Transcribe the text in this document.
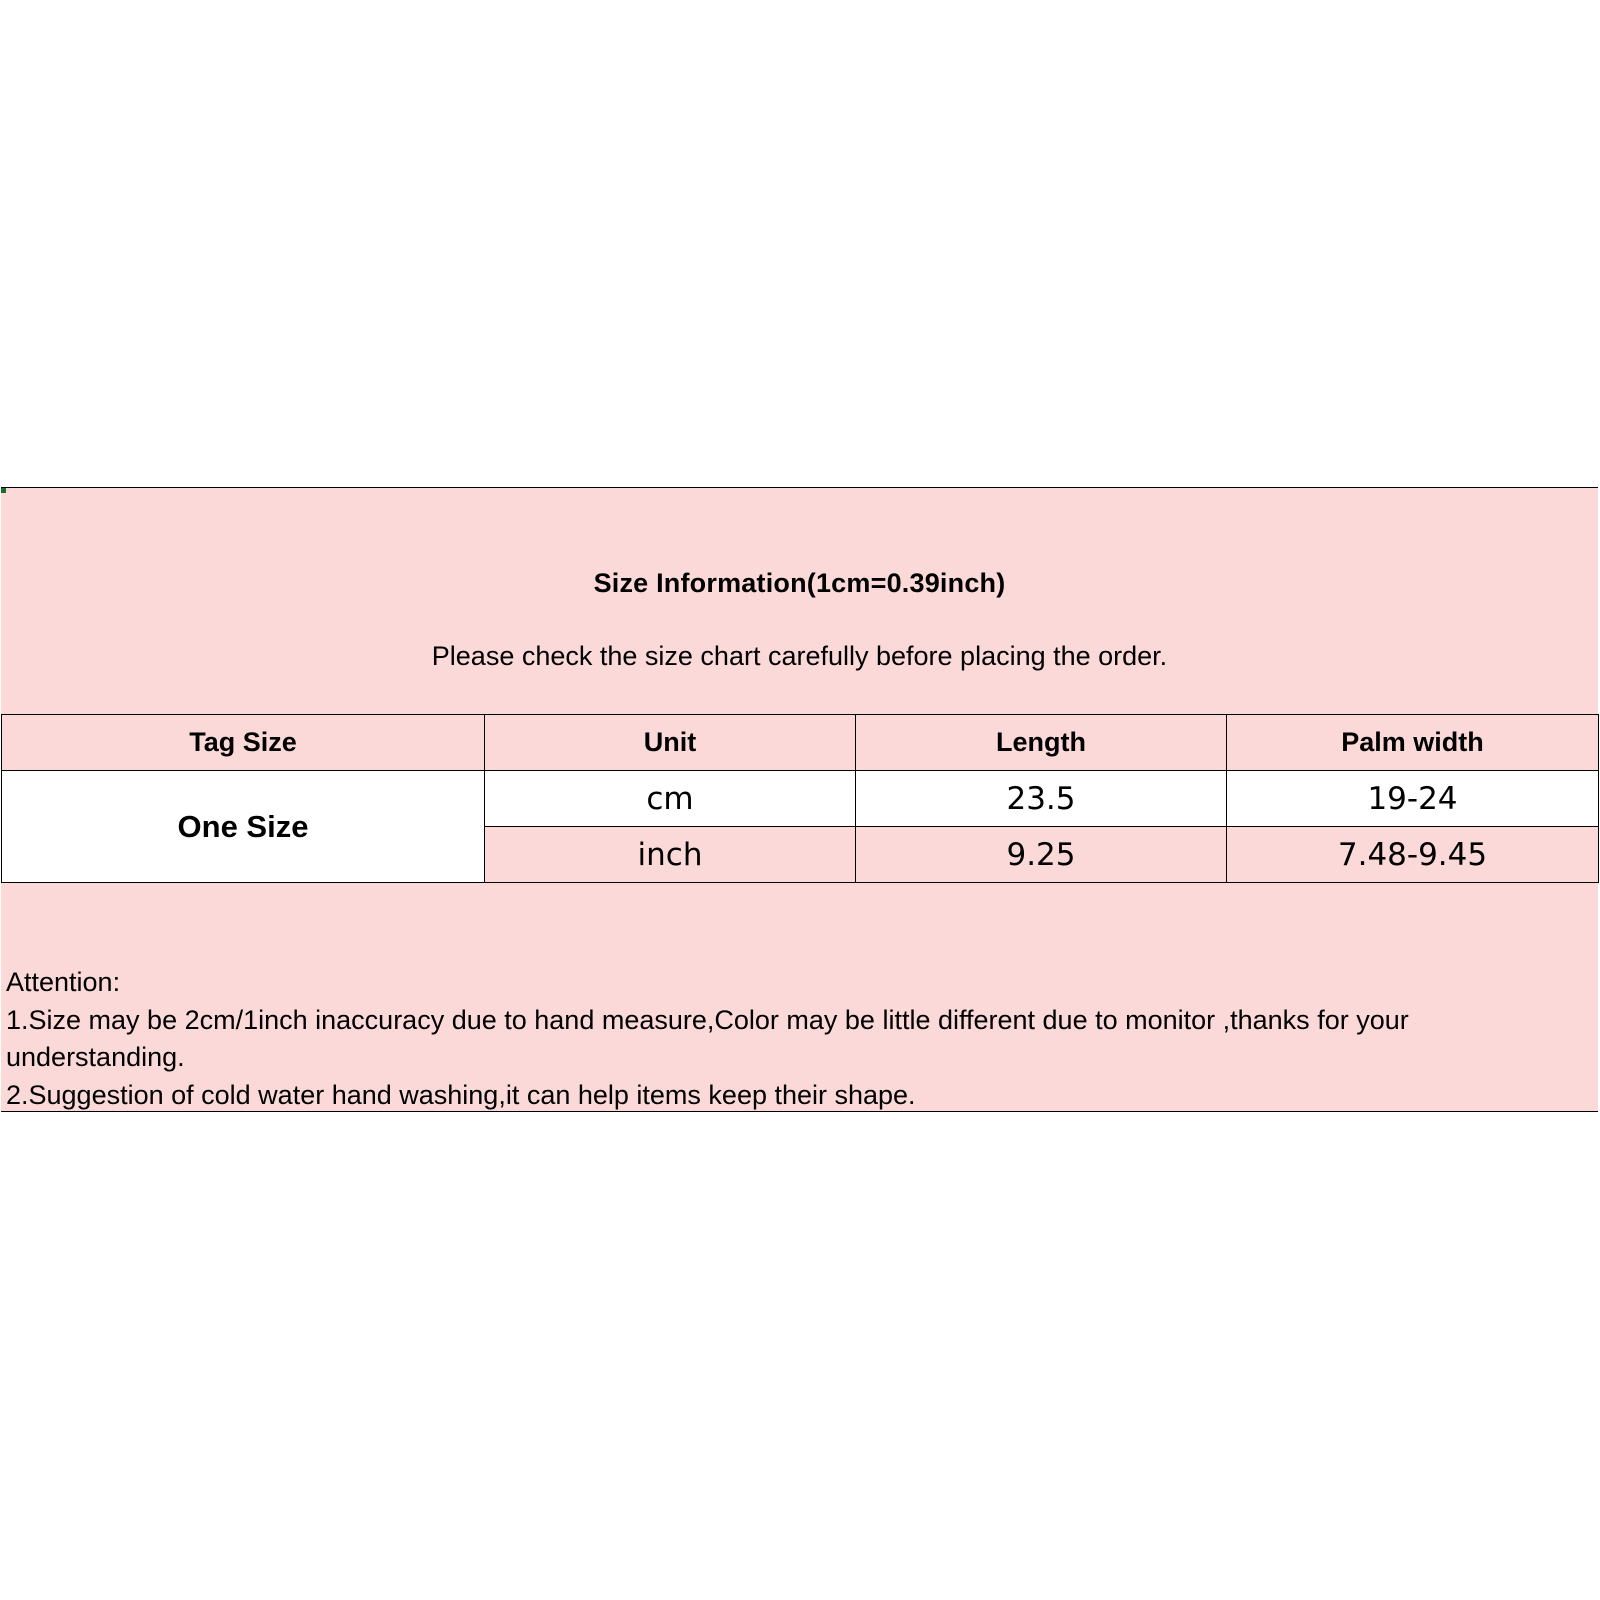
Size Information(1cm=0.39inch)
Please check the size chart carefully before placing the order.
Tag Size	Unit	Length	Palm width
One Size	cm	23.5	19-24
	inch	9.25	7.48-9.45
Attention:
1.Size may be 2cm/1inch inaccuracy due to hand measure,Color may be little different due to monitor ,thanks for your understanding.
2.Suggestion of cold water hand washing,it can help items keep their shape.
